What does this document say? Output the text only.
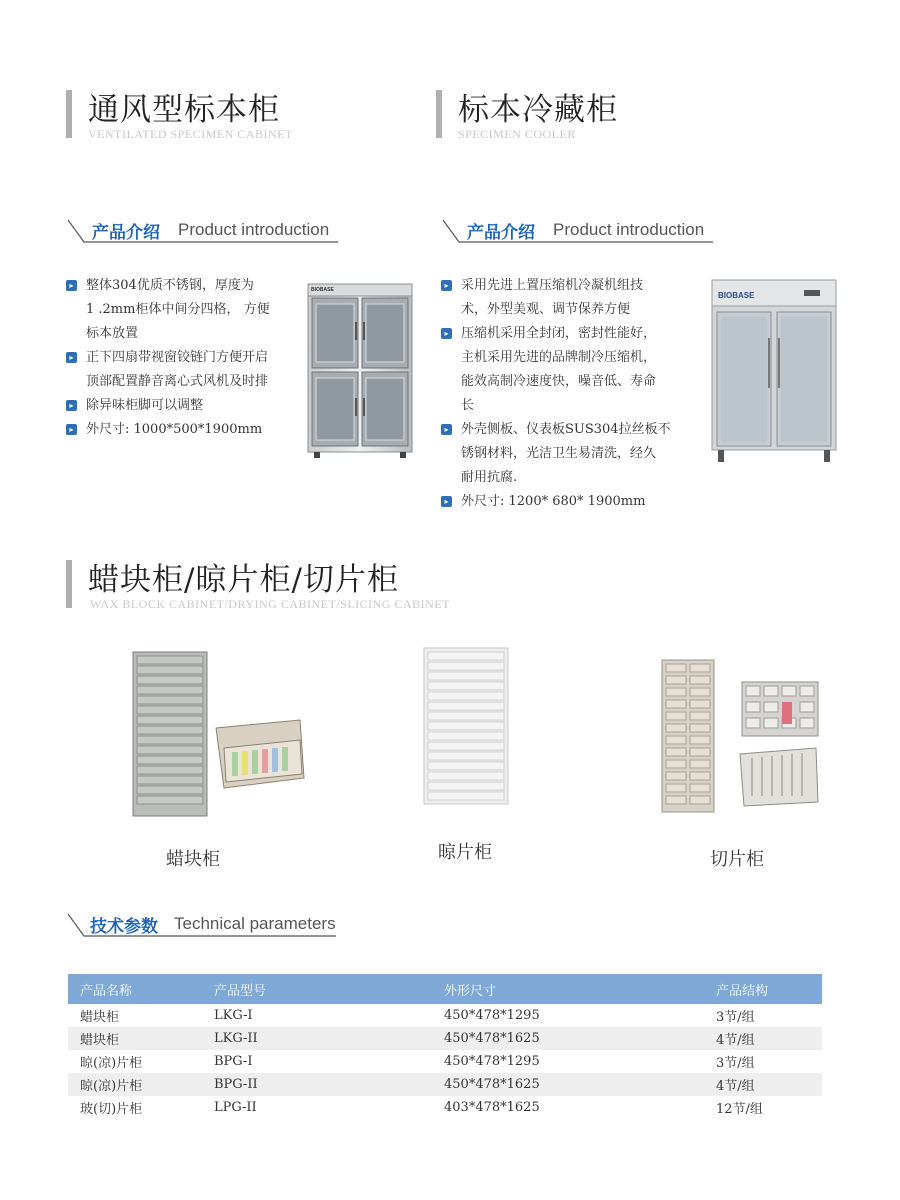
通风型标本柜
VENTILATED SPECIMEN CABINET
标本冷藏柜
SPECIMEN COOLER
产品介绍 Product introduction	产品介绍 Product introduction
▸ 整体304优质不锈钢，厚度为
1 .2mm柜体中间分四格， 方便
标本放置
▸ 正下四扇带视窗铰链门方便开启
顶部配置静音离心式风机及时排
▸ 除异味柜脚可以调整
▸ 外尺寸: 1000*500*1900mm
BIOBASE	▸ 采用先进上置压缩机冷凝机组技
术，外型美观、调节保养方便
▸ 压缩机采用全封闭，密封性能好，
主机采用先进的品牌制冷压缩机，
能效高制冷速度快，噪音低、寿命
长
▸ 外壳侧板、仪表板SUS304拉丝板不
锈钢材料，光洁卫生易清洗，经久
耐用抗腐.
▸ 外尺寸: 1200* 680* 1900mm
BIOBASE
蜡块柜/晾片柜/切片柜
WAX BLOCK CABINET/DRYING CABINET/SLICING CABINET
蜡块柜	晾片柜	切片柜
技术参数 Technical parameters
产品名称	产品型号	外形尺寸	产品结构
蜡块柜	LKG-I	450*478*1295	3节/组
蜡块柜	LKG-II	450*478*1625	4节/组
晾(凉)片柜	BPG-I	450*478*1295	3节/组
晾(凉)片柜	BPG-II	450*478*1625	4节/组
玻(切)片柜	LPG-II	403*478*1625	12节/组
